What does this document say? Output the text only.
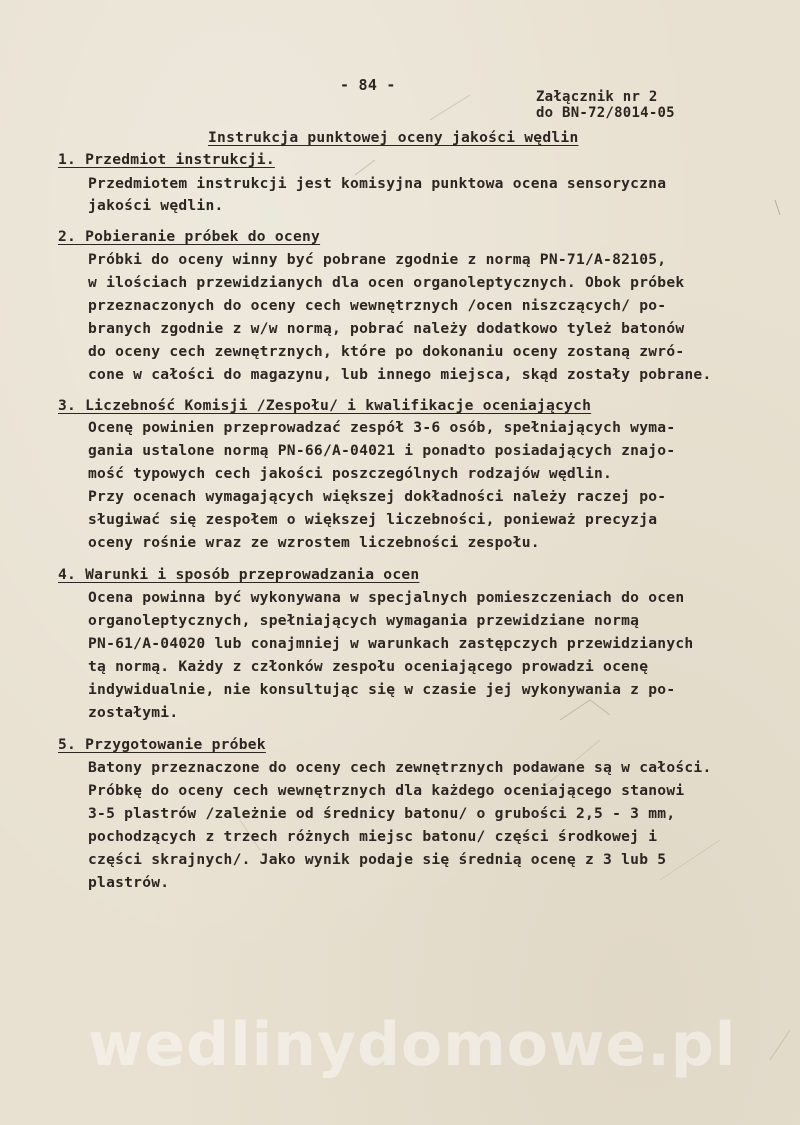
- 84 -
Załącznik nr 2
do BN-72/8014-05
Instrukcja punktowej oceny jakości wędlin
1. Przedmiot instrukcji.
Przedmiotem instrukcji jest komisyjna punktowa ocena sensoryczna
jakości wędlin.
2. Pobieranie próbek do oceny
Próbki do oceny winny być pobrane zgodnie z normą PN-71/A-82105,
w ilościach przewidzianych dla ocen organoleptycznych. Obok próbek
przeznaczonych do oceny cech wewnętrznych /ocen niszczących/ po-
branych zgodnie z w/w normą, pobrać należy dodatkowo tyleż batonów
do oceny cech zewnętrznych, które po dokonaniu oceny zostaną zwró-
cone w całości do magazynu, lub innego miejsca, skąd zostały pobrane.
3. Liczebność Komisji /Zespołu/ i kwalifikacje oceniających
Ocenę powinien przeprowadzać zespół 3-6 osób, spełniających wyma-
gania ustalone normą PN-66/A-04021 i ponadto posiadających znajo-
mość typowych cech jakości poszczególnych rodzajów wędlin.
Przy ocenach wymagających większej dokładności należy raczej po-
sługiwać się zespołem o większej liczebności, ponieważ precyzja
oceny rośnie wraz ze wzrostem liczebności zespołu.
4. Warunki i sposób przeprowadzania ocen
Ocena powinna być wykonywana w specjalnych pomieszczeniach do ocen
organoleptycznych, spełniających wymagania przewidziane normą
PN-61/A-04020 lub conajmniej w warunkach zastępczych przewidzianych
tą normą. Każdy z członków zespołu oceniającego prowadzi ocenę
indywidualnie, nie konsultując się w czasie jej wykonywania z po-
zostałymi.
5. Przygotowanie próbek
Batony przeznaczone do oceny cech zewnętrznych podawane są w całości.
Próbkę do oceny cech wewnętrznych dla każdego oceniającego stanowi
3-5 plastrów /zależnie od średnicy batonu/ o grubości 2,5 - 3 mm,
pochodzących z trzech różnych miejsc batonu/ części środkowej i
części skrajnych/. Jako wynik podaje się średnią ocenę z 3 lub 5
plastrów.
wedlinydomowe.pl
